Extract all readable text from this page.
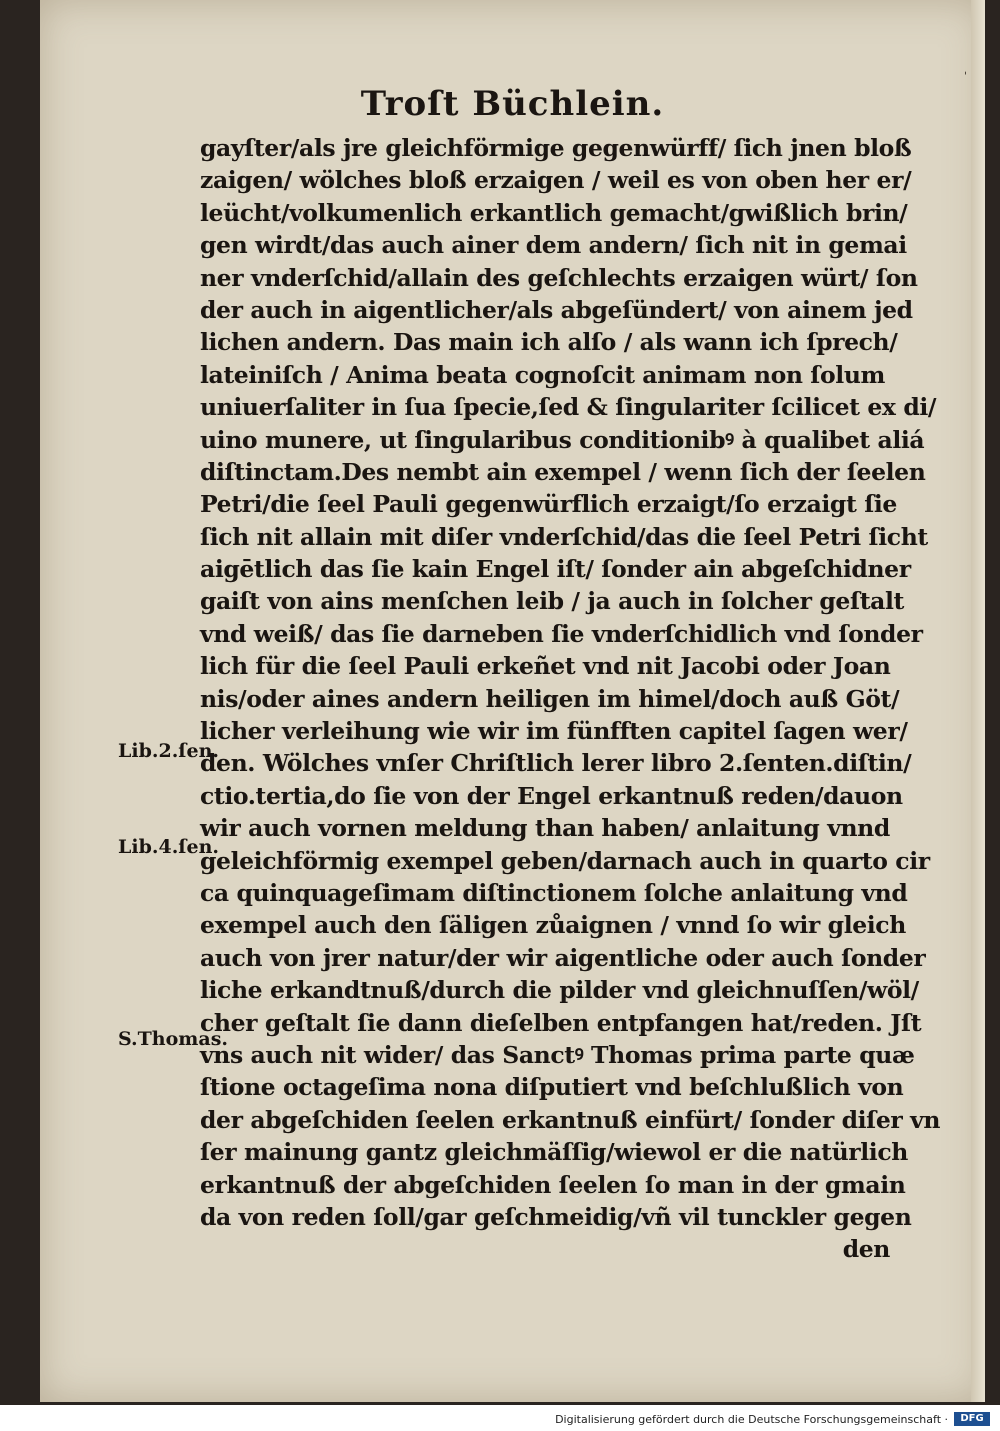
ˈ
Troſt Büchlein.
gayſter/als jre gleichförmige gegenwürff/ ſich jnen bloß
zaigen/ wölches bloß erzaigen / weil es von oben her er/
leücht/volkumenlich erkantlich gemacht/gwißlich brin/
gen wirdt/das auch ainer dem andern/ ſich nit in gemai
ner vnderſchid/allain des geſchlechts erzaigen würt/ ſon
der auch in aigentlicher/als abgeſündert/ von ainem jed
lichen andern. Das main ich alſo / als wann ich ſprech/
lateiniſch / Anima beata cognoſcit animam non ſolum
uniuerſaliter in ſua ſpecie,ſed & ſingulariter ſcilicet ex di/
uino munere, ut ſingularibus conditionibꝰ à qualibet aliá
diſtinctam.Des nembt ain exempel / wenn ſich der ſeelen
Petri/die ſeel Pauli gegenwürflich erzaigt/ſo erzaigt ſie
ſich nit allain mit diſer vnderſchid/das die ſeel Petri ſicht
aigētlich das ſie kain Engel iſt/ ſonder ain abgeſchidner
gaiſt von ains menſchen leib / ja auch in ſolcher geſtalt
vnd weiß/ das ſie darneben ſie vnderſchidlich vnd ſonder
lich für die ſeel Pauli erkeñet vnd nit Jacobi oder Joan
nis/oder aines andern heiligen im himel/doch auß Göt/
licher verleihung wie wir im fünfften capitel ſagen wer/
den. Wölches vnſer Chriſtlich lerer libro 2.ſenten.diſtin/
ctio.tertia,do ſie von der Engel erkantnuß reden/dauon
wir auch vornen meldung than haben/ anlaitung vnnd
geleichförmig exempel geben/darnach auch in quarto cir
ca quinquageſimam diſtinctionem ſolche anlaitung vnd
exempel auch den ſäligen zůaignen / vnnd ſo wir gleich
auch von jrer natur/der wir aigentliche oder auch ſonder
liche erkandtnuß/durch die pilder vnd gleichnuſſen/wöl/
cher geſtalt ſie dann dieſelben entpfangen hat/reden. Jſt
vns auch nit wider/ das Sanctꝰ Thomas prima parte quæ
ſtione octageſima nona diſputiert vnd beſchlußlich von
der abgeſchiden ſeelen erkantnuß einfürt/ ſonder diſer vn
ſer mainung gantz gleichmäſſig/wiewol er die natürlich
erkantnuß der abgeſchiden ſeelen ſo man in der gmain
da von reden ſoll/gar geſchmeidig/vñ vil tunckler gegen
den
Lib.2.ſen.
Lib.4.ſen.
S.Thomas.
Digitalisierung gefördert durch die Deutsche Forschungsgemeinschaft ·	DFG
